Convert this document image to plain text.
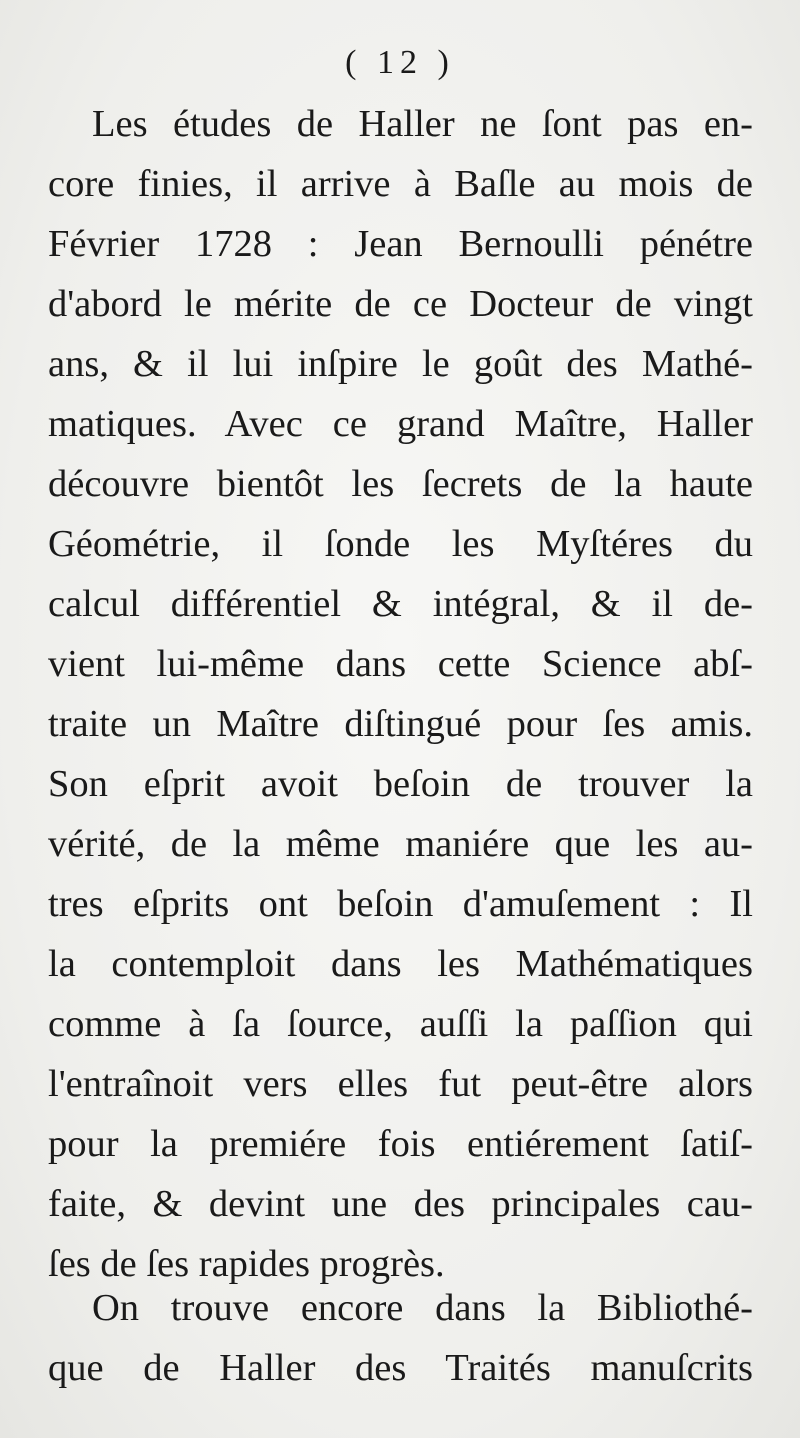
( 12 )
Les études de Haller ne ſont pas en-
core finies, il arrive à Baſle au mois de
Février 1728 : Jean Bernoulli pénétre
d'abord le mérite de ce Docteur de vingt
ans, & il lui inſpire le goût des Mathé-
matiques. Avec ce grand Maître, Haller
découvre bientôt les ſecrets de la haute
Géométrie, il ſonde les Myſtéres du
calcul différentiel & intégral, & il de-
vient lui-même dans cette Science abſ-
traite un Maître diſtingué pour ſes amis.
Son eſprit avoit beſoin de trouver la
vérité, de la même maniére que les au-
tres eſprits ont beſoin d'amuſement : Il
la contemploit dans les Mathématiques
comme à ſa ſource, auſſi la paſſion qui
l'entraînoit vers elles fut peut-être alors
pour la premiére fois entiérement ſatiſ-
faite, & devint une des principales cau-
ſes de ſes rapides progrès.
On trouve encore dans la Bibliothé-
que de Haller des Traités manuſcrits
